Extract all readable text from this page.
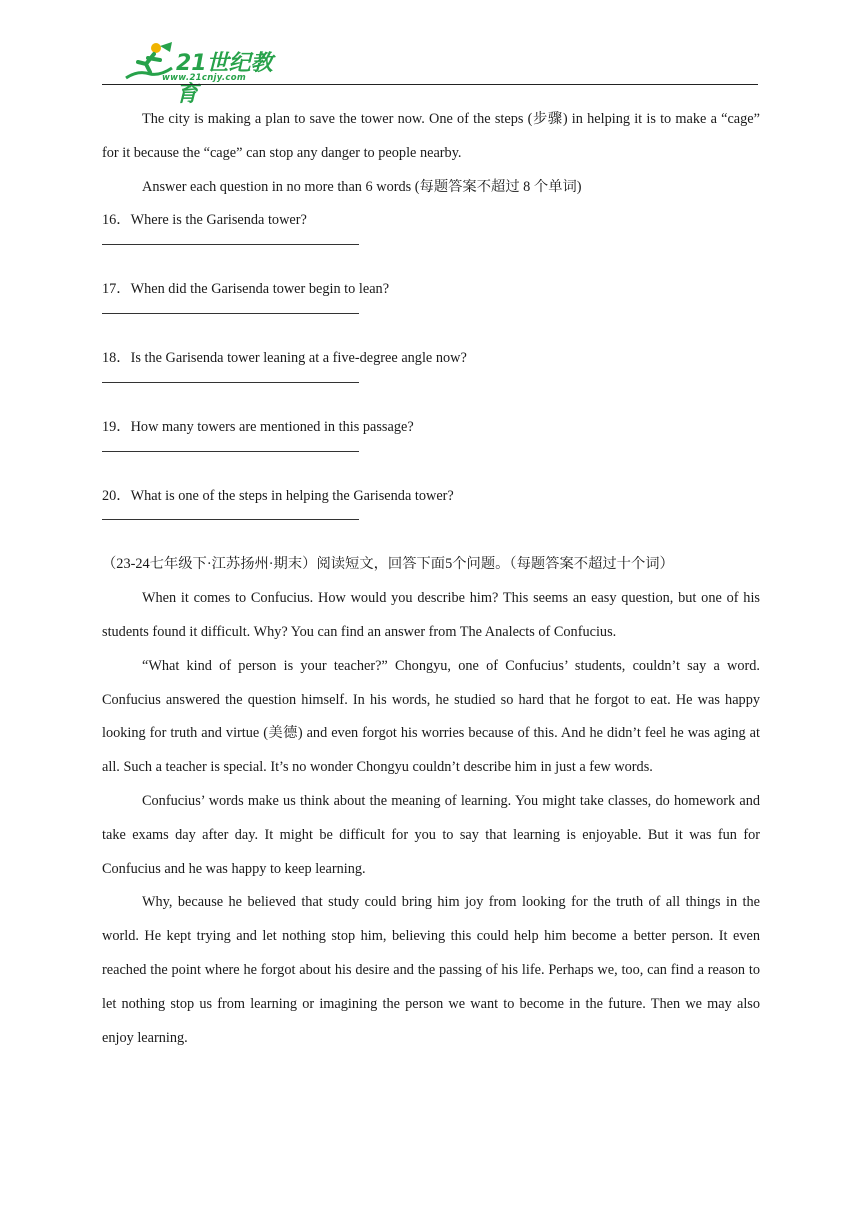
21世纪教育
www.21cnjy.com

The city is making a plan to save the tower now. One of the steps (步骤) in helping it is to make a “cage” for it because the “cage” can stop any danger to people nearby.

Answer each question in no more than 6 words (每题答案不超过 8 个单词)

16．Where is the Garisenda tower?

17．When did the Garisenda tower begin to lean?

18．Is the Garisenda tower leaning at a five-degree angle now?

19．How many towers are mentioned in this passage?

20．What is one of the steps in helping the Garisenda tower?

（23-24七年级下·江苏扬州·期末）阅读短文，回答下面5个问题。（每题答案不超过十个词）

When it comes to Confucius. How would you describe him? This seems an easy question, but one of his students found it difficult. Why? You can find an answer from The Analects of Confucius.

“What kind of person is your teacher?” Chongyu, one of Confucius’ students, couldn’t say a word. Confucius answered the question himself. In his words, he studied so hard that he forgot to eat. He was happy looking for truth and virtue (美德) and even forgot his worries because of this. And he didn’t feel he was aging at all. Such a teacher is special. It’s no wonder Chongyu couldn’t describe him in just a few words.

Confucius’ words make us think about the meaning of learning. You might take classes, do homework and take exams day after day. It might be difficult for you to say that learning is enjoyable. But it was fun for Confucius and he was happy to keep learning.

Why, because he believed that study could bring him joy from looking for the truth of all things in the world. He kept trying and let nothing stop him, believing this could help him become a better person. It even reached the point where he forgot about his desire and the passing of his life. Perhaps we, too, can find a reason to let nothing stop us from learning or imagining the person we want to become in the future. Then we may also enjoy learning.
